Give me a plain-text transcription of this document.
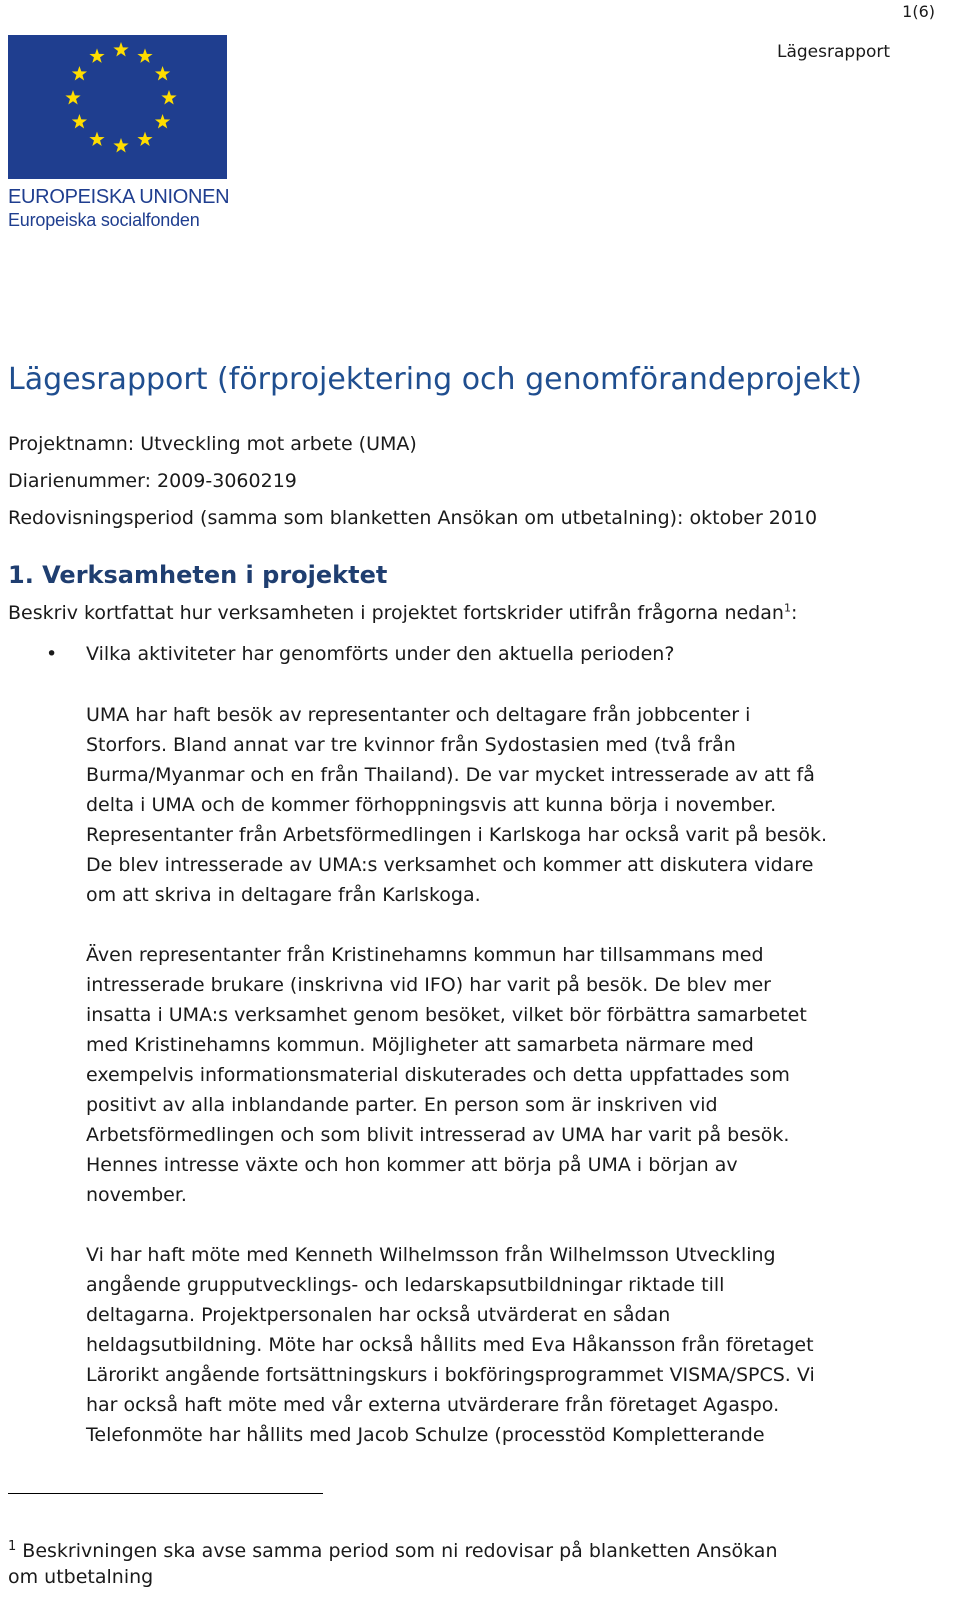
1(6)
Lägesrapport
EUROPEISKA UNIONEN
Europeiska socialfonden
Lägesrapport (förprojektering och genomförandeprojekt)
Projektnamn: Utveckling mot arbete (UMA)
Diarienummer: 2009-3060219
Redovisningsperiod (samma som blanketten Ansökan om utbetalning): oktober 2010
1. Verksamheten i projektet
Beskriv kortfattat hur verksamheten i projektet fortskrider utifrån frågorna nedan$^1$:
• Vilka aktiviteter har genomförts under den aktuella perioden?
UMA har haft besök av representanter och deltagare från jobbcenter i
Storfors. Bland annat var tre kvinnor från Sydostasien med (två från
Burma/Myanmar och en från Thailand). De var mycket intresserade av att få
delta i UMA och de kommer förhoppningsvis att kunna börja i november.
Representanter från Arbetsförmedlingen i Karlskoga har också varit på besök.
De blev intresserade av UMA:s verksamhet och kommer att diskutera vidare
om att skriva in deltagare från Karlskoga.
Även representanter från Kristinehamns kommun har tillsammans med
intresserade brukare (inskrivna vid IFO) har varit på besök. De blev mer
insatta i UMA:s verksamhet genom besöket, vilket bör förbättra samarbetet
med Kristinehamns kommun. Möjligheter att samarbeta närmare med
exempelvis informationsmaterial diskuterades och detta uppfattades som
positivt av alla inblandande parter. En person som är inskriven vid
Arbetsförmedlingen och som blivit intresserad av UMA har varit på besök.
Hennes intresse växte och hon kommer att börja på UMA i början av
november.
Vi har haft möte med Kenneth Wilhelmsson från Wilhelmsson Utveckling
angående grupputvecklings- och ledarskapsutbildningar riktade till
deltagarna. Projektpersonalen har också utvärderat en sådan
heldagsutbildning. Möte har också hållits med Eva Håkansson från företaget
Lärorikt angående fortsättningskurs i bokföringsprogrammet VISMA/SPCS. Vi
har också haft möte med vår externa utvärderare från företaget Agaspo.
Telefonmöte har hållits med Jacob Schulze (processtöd Kompletterande
$^1$ Beskrivningen ska avse samma period som ni redovisar på blanketten Ansökan
om utbetalning
